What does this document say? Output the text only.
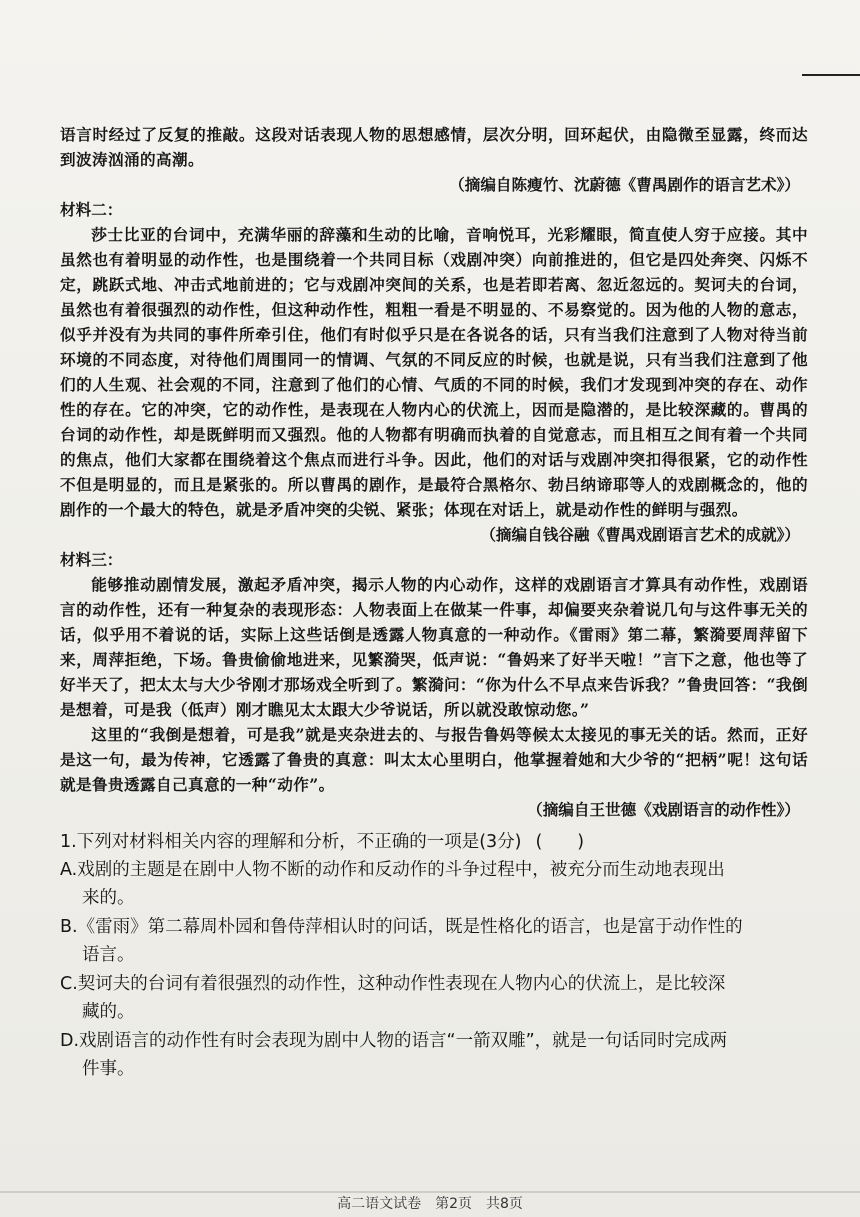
语言时经过了反复的推敲。这段对话表现人物的思想感情，层次分明，回环起伏，由隐微至显露，终而达到波涛汹涌的高潮。

（摘编自陈瘦竹、沈蔚德《曹禺剧作的语言艺术》）

材料二：

莎士比亚的台词中，充满华丽的辞藻和生动的比喻，音响悦耳，光彩耀眼，简直使人穷于应接。其中虽然也有着明显的动作性，也是围绕着一个共同目标（戏剧冲突）向前推进的，但它是四处奔突、闪烁不定，跳跃式地、冲击式地前进的；它与戏剧冲突间的关系，也是若即若离、忽近忽远的。契诃夫的台词，虽然也有着很强烈的动作性，但这种动作性，粗粗一看是不明显的、不易察觉的。因为他的人物的意志，似乎并没有为共同的事件所牵引住，他们有时似乎只是在各说各的话，只有当我们注意到了人物对待当前环境的不同态度，对待他们周围同一的情调、气氛的不同反应的时候，也就是说，只有当我们注意到了他们的人生观、社会观的不同，注意到了他们的心情、气质的不同的时候，我们才发现到冲突的存在、动作性的存在。它的冲突，它的动作性，是表现在人物内心的伏流上，因而是隐潜的，是比较深藏的。曹禺的台词的动作性，却是既鲜明而又强烈。他的人物都有明确而执着的自觉意志，而且相互之间有着一个共同的焦点，他们大家都在围绕着这个焦点而进行斗争。因此，他们的对话与戏剧冲突扣得很紧，它的动作性不但是明显的，而且是紧张的。所以曹禺的剧作，是最符合黑格尔、勃吕纳谛耶等人的戏剧概念的，他的剧作的一个最大的特色，就是矛盾冲突的尖锐、紧张；体现在对话上，就是动作性的鲜明与强烈。

（摘编自钱谷融《曹禺戏剧语言艺术的成就》）

材料三：

能够推动剧情发展，激起矛盾冲突，揭示人物的内心动作，这样的戏剧语言才算具有动作性，戏剧语言的动作性，还有一种复杂的表现形态：人物表面上在做某一件事，却偏要夹杂着说几句与这件事无关的话，似乎用不着说的话，实际上这些话倒是透露人物真意的一种动作。《雷雨》第二幕，繁漪要周萍留下来，周萍拒绝，下场。鲁贵偷偷地进来，见繁漪哭，低声说：“鲁妈来了好半天啦！”言下之意，他也等了好半天了，把太太与大少爷刚才那场戏全听到了。繁漪问：“你为什么不早点来告诉我？”鲁贵回答：“我倒是想着，可是我（低声）刚才瞧见太太跟大少爷说话，所以就没敢惊动您。”

这里的“我倒是想着，可是我”就是夹杂进去的、与报告鲁妈等候太太接见的事无关的话。然而，正好是这一句，最为传神，它透露了鲁贵的真意：叫太太心里明白，他掌握着她和大少爷的“把柄”呢！这句话就是鲁贵透露自己真意的一种“动作”。

（摘编自王世德《戏剧语言的动作性》）

1.下列对材料相关内容的理解和分析，不正确的一项是(3分) (　　)

A.戏剧的主题是在剧中人物不断的动作和反动作的斗争过程中，被充分而生动地表现出
来的。

B.《雷雨》第二幕周朴园和鲁侍萍相认时的问话，既是性格化的语言，也是富于动作性的
语言。

C.契诃夫的台词有着很强烈的动作性，这种动作性表现在人物内心的伏流上，是比较深
藏的。

D.戏剧语言的动作性有时会表现为剧中人物的语言“一箭双雕”，就是一句话同时完成两
件事。

高二语文试卷　第2页　共8页
